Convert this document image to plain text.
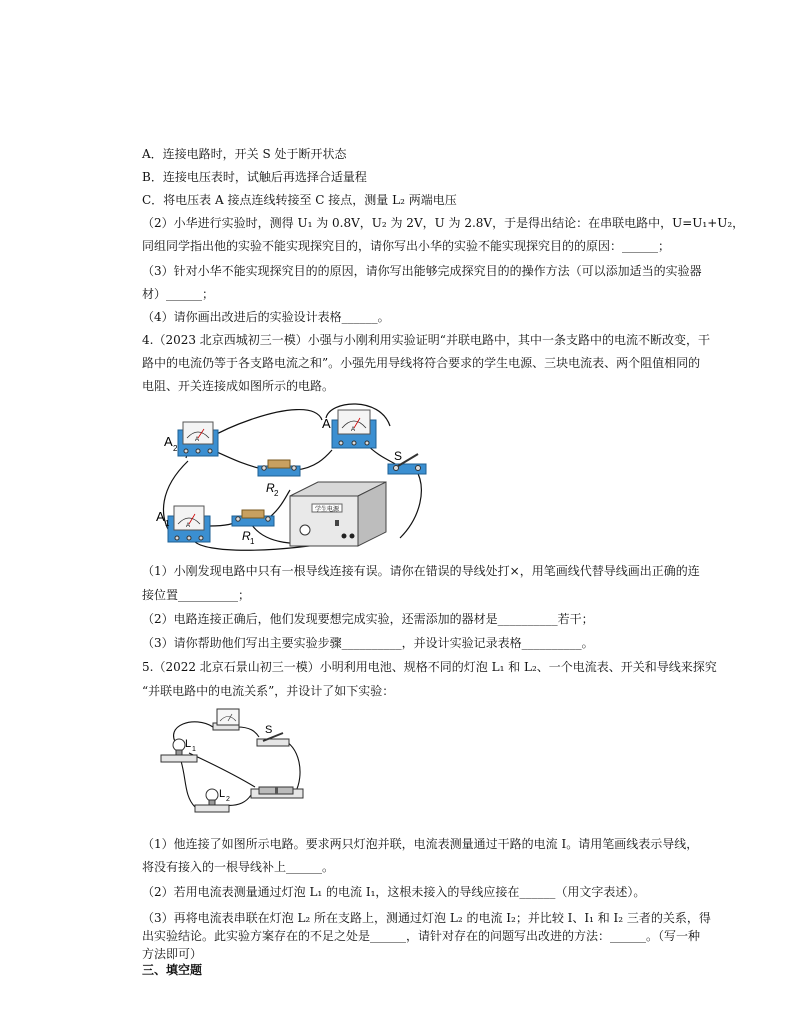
A．连接电路时，开关 S 处于断开状态
B．连接电压表时，试触后再选择合适量程
C．将电压表 A 接点连线转接至 C 接点，测量 L₂ 两端电压
（2）小华进行实验时，测得 U₁ 为 0.8V，U₂ 为 2V，U 为 2.8V，于是得出结论：在串联电路中，U=U₁+U₂，
同组同学指出他的实验不能实现探究目的，请你写出小华的实验不能实现探究目的的原因：______；
（3）针对小华不能实现探究目的的原因，请你写出能够完成探究目的的操作方法（可以添加适当的实验器
材）______；
（4）请你画出改进后的实验设计表格______。
4.（2023 北京西城初三一模）小强与小刚利用实验证明“并联电路中，其中一条支路中的电流不断改变，干
路中的电流仍等于各支路电流之和”。小强先用导线将符合要求的学生电源、三块电流表、两个阻值相同的
电阻、开关连接成如图所示的电路。
A
A 2
A
A
R 2
S
A
A 1
R 1
学生电源
（1）小刚发现电路中只有一根导线连接有误。请你在错误的导线处打×，用笔画线代替导线画出正确的连
接位置__________；
（2）电路连接正确后，他们发现要想完成实验，还需添加的器材是__________若干；
（3）请你帮助他们写出主要实验步骤__________，并设计实验记录表格__________。
5.（2022 北京石景山初三一模）小明利用电池、规格不同的灯泡 L₁ 和 L₂、一个电流表、开关和导线来探究
“并联电路中的电流关系”，并设计了如下实验：
L 1
S
L 2
（1）他连接了如图所示电路。要求两只灯泡并联，电流表测量通过干路的电流 I。请用笔画线表示导线，
将没有接入的一根导线补上______。
（2）若用电流表测量通过灯泡 L₁ 的电流 I₁，这根未接入的导线应接在______（用文字表述）。
（3）再将电流表串联在灯泡 L₂ 所在支路上，测通过灯泡 L₂ 的电流 I₂；并比较 I、I₁ 和 I₂ 三者的关系，得
出实验结论。此实验方案存在的不足之处是______，请针对存在的问题写出改进的方法：______。（写一种
方法即可）
三、填空题
